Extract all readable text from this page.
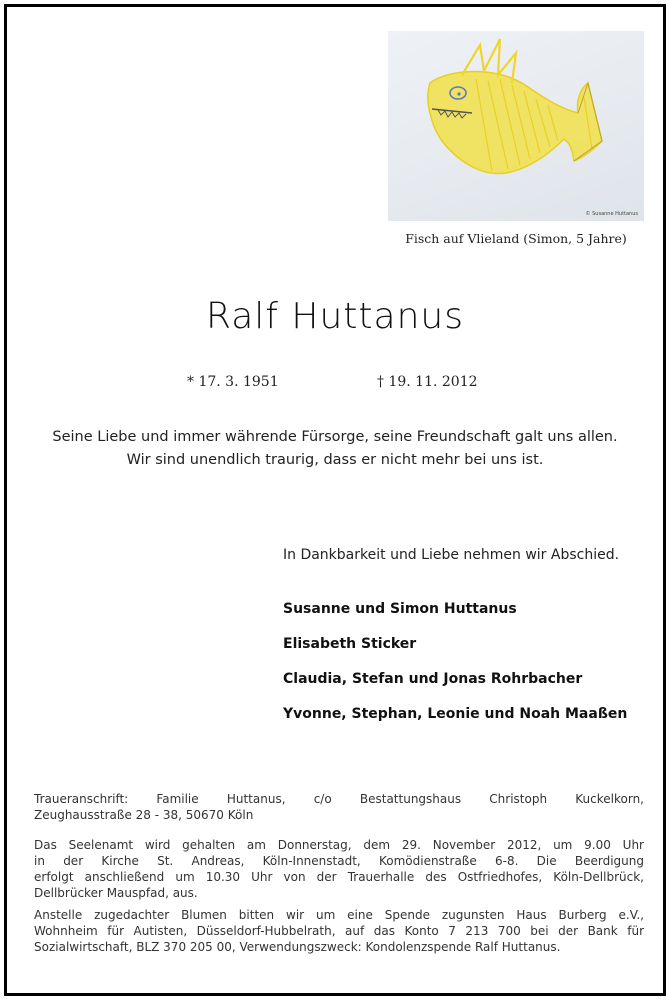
© Susanne Huttanus
Fisch auf Vlieland (Simon, 5 Jahre)
Ralf Huttanus
* 17. 3. 1951	† 19. 11. 2012
Seine Liebe und immer währende Fürsorge, seine Freundschaft galt uns allen.
Wir sind unendlich traurig, dass er nicht mehr bei uns ist.
In Dankbarkeit und Liebe nehmen wir Abschied.
Susanne und Simon Huttanus
Elisabeth Sticker
Claudia, Stefan und Jonas Rohrbacher
Yvonne, Stephan, Leonie und Noah Maaßen

Traueranschrift: Familie Huttanus, c/o Bestattungshaus Christoph Kuckelkorn,
Zeughausstraße 28 - 38, 50670 Köln

Das Seelenamt wird gehalten am Donnerstag, dem 29. November 2012, um 9.00 Uhr
in der Kirche St. Andreas, Köln-Innenstadt, Komödienstraße 6-8. Die Beerdigung
erfolgt anschließend um 10.30 Uhr von der Trauerhalle des Ostfriedhofes, Köln-Dellbrück,
Dellbrücker Mauspfad, aus.

Anstelle zugedachter Blumen bitten wir um eine Spende zugunsten Haus Burberg e.V.,
Wohnheim für Autisten, Düsseldorf-Hubbelrath, auf das Konto 7 213 700 bei der Bank für
Sozialwirtschaft, BLZ 370 205 00, Verwendungszweck: Kondolenzspende Ralf Huttanus.
